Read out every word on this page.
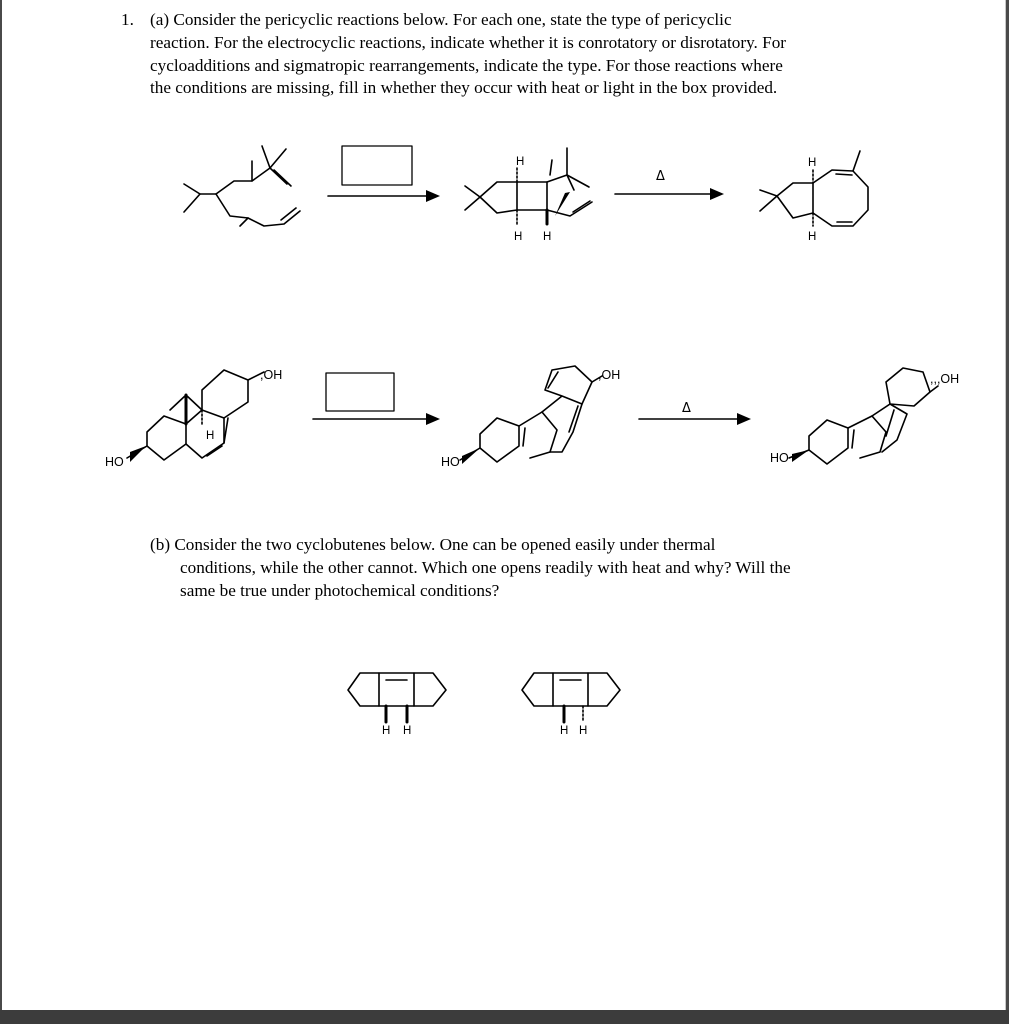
1. (a) Consider the pericyclic reactions below. For each one, state the type of pericyclic
reaction. For the electrocyclic reactions, indicate whether it is conrotatory or disrotatory. For
cycloadditions and sigmatropic rearrangements, indicate the type. For those reactions where
the conditions are missing, fill in whether they occur with heat or light in the box provided.
H
H H
Δ
H
H
,OH
H
HO
,OH
HO
Δ
,,,OH
HO
H H	H H
(b) Consider the two cyclobutenes below. One can be opened easily under thermal
conditions, while the other cannot. Which one opens readily with heat and why? Will the
same be true under photochemical conditions?
